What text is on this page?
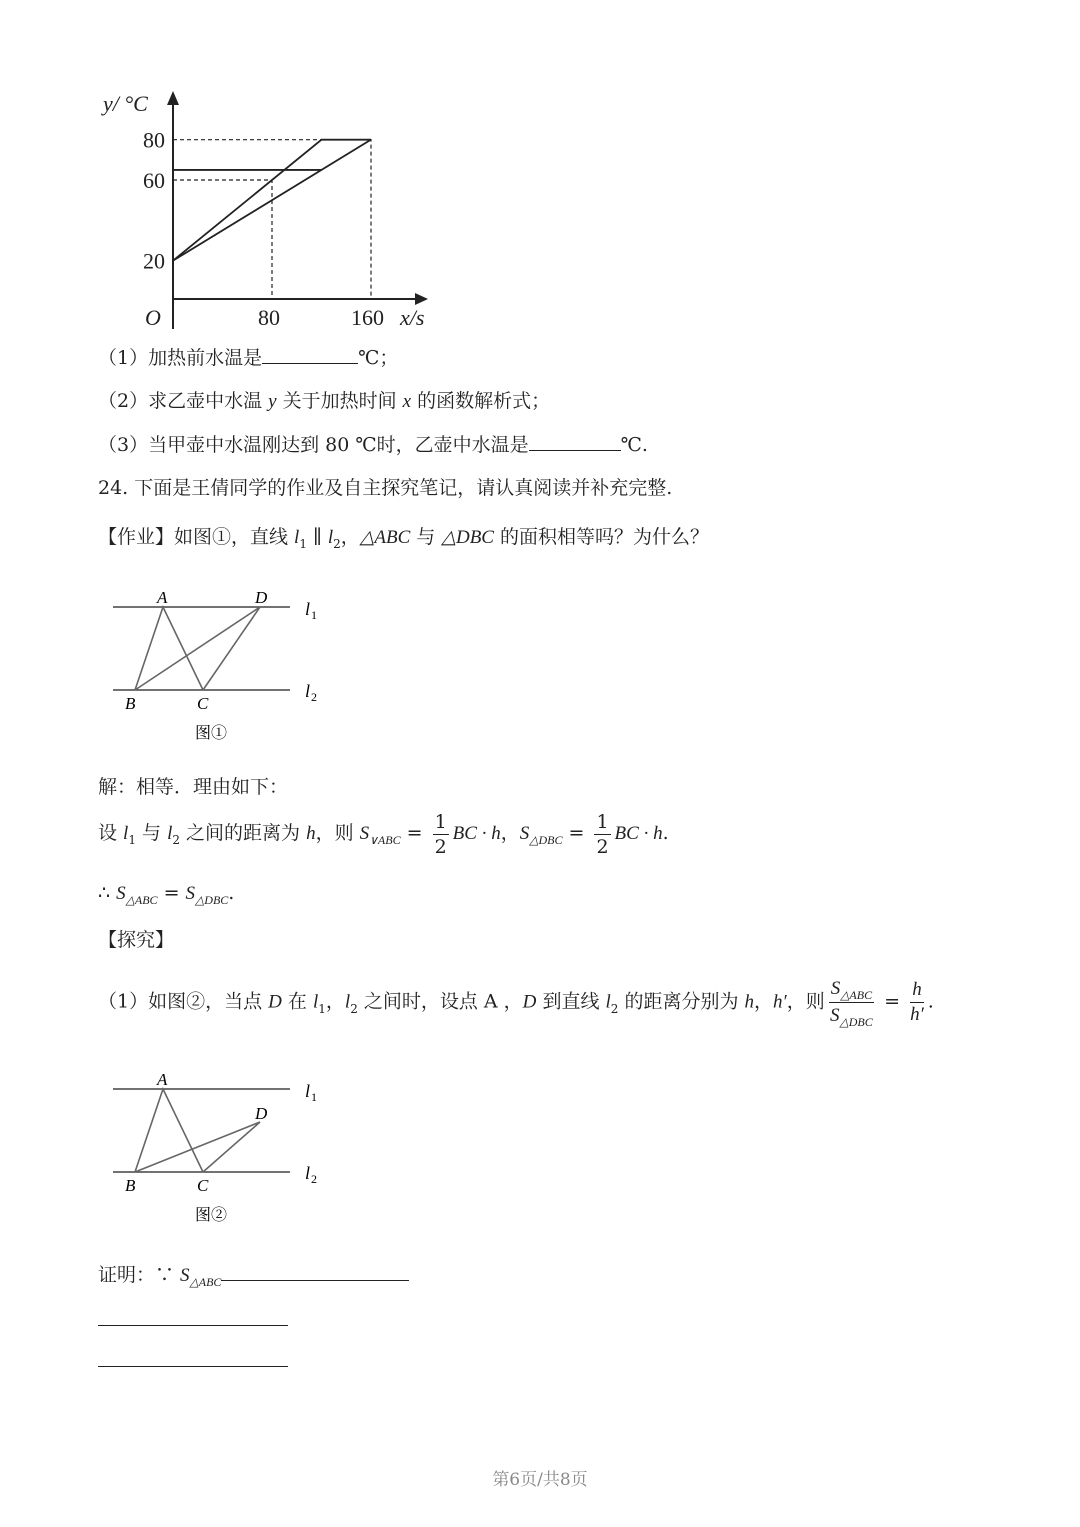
20
60
80
80	160
O
y/ °C
x/s
（1）加热前水温是	℃；
（2）求乙壶中水温 y 关于加热时间 x 的函数解析式；
（3）当甲壶中水温刚达到 80 ℃时，乙壶中水温是	℃.
24. 下面是王倩同学的作业及自主探究笔记，请认真阅读并补充完整.
【作业】如图①，直线 $l_1$ ∥ $l_2$，△ABC 与 △DBC 的面积相等吗？为什么？
A	D
B	C
l 1
l 2
图①
解：相等．理由如下：
设 $l_1$ 与 $l_2$ 之间的距离为 h，则 $S_{\vee ABC} = \frac{1}{2}$ BC · h，$S_{\triangle DBC} = \frac{1}{2}$ BC · h.
∴ $S_{\triangle ABC} = S_{\triangle DBC}$.
【探究】
（1）如图②，当点 D 在 $l_1$，$l_2$ 之间时，设点 A ，D 到直线 $l_2$ 的距离分别为 h，h′，则 $\frac{S_{\triangle ABC}}{S_{\triangle DBC}} = \frac{h}{h'}$ .
A
D
B	C
l 1
l 2
图②
证明：∵ $S_{\triangle ABC}$
第6页/共8页
